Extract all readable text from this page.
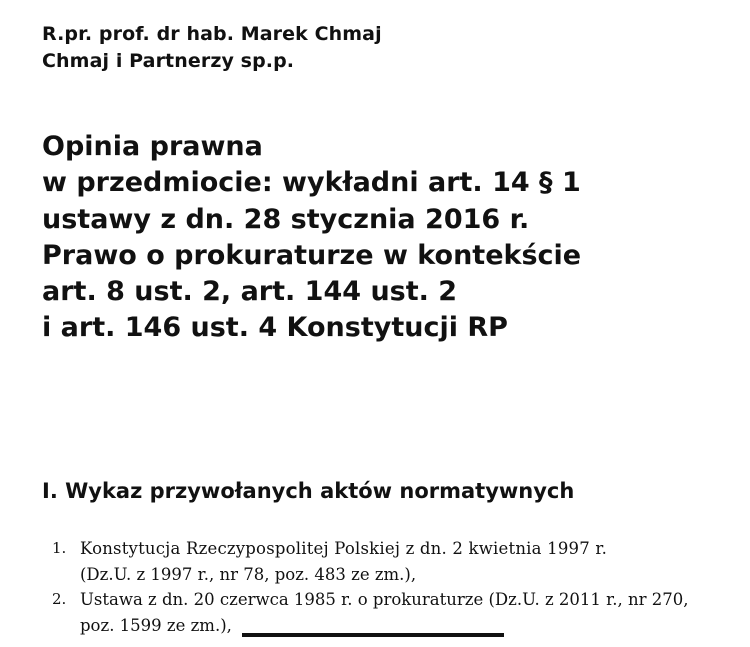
R.pr. prof. dr hab. Marek Chmaj
Chmaj i Partnerzy sp.p.
Opinia prawna
w przedmiocie: wykładni art. 14 § 1
ustawy z dn. 28 stycznia 2016 r.
Prawo o prokuraturze w kontekście
art. 8 ust. 2, art. 144 ust. 2
i art. 146 ust. 4 Konstytucji RP
I. Wykaz przywołanych aktów normatywnych
1. Konstytucja Rzeczypospolitej Polskiej z dn. 2 kwietnia 1997 r.
(Dz.U. z 1997 r., nr 78, poz. 483 ze zm.),
2. Ustawa z dn. 20 czerwca 1985 r. o prokuraturze (Dz.U. z 2011 r., nr 270,
poz. 1599 ze zm.),
